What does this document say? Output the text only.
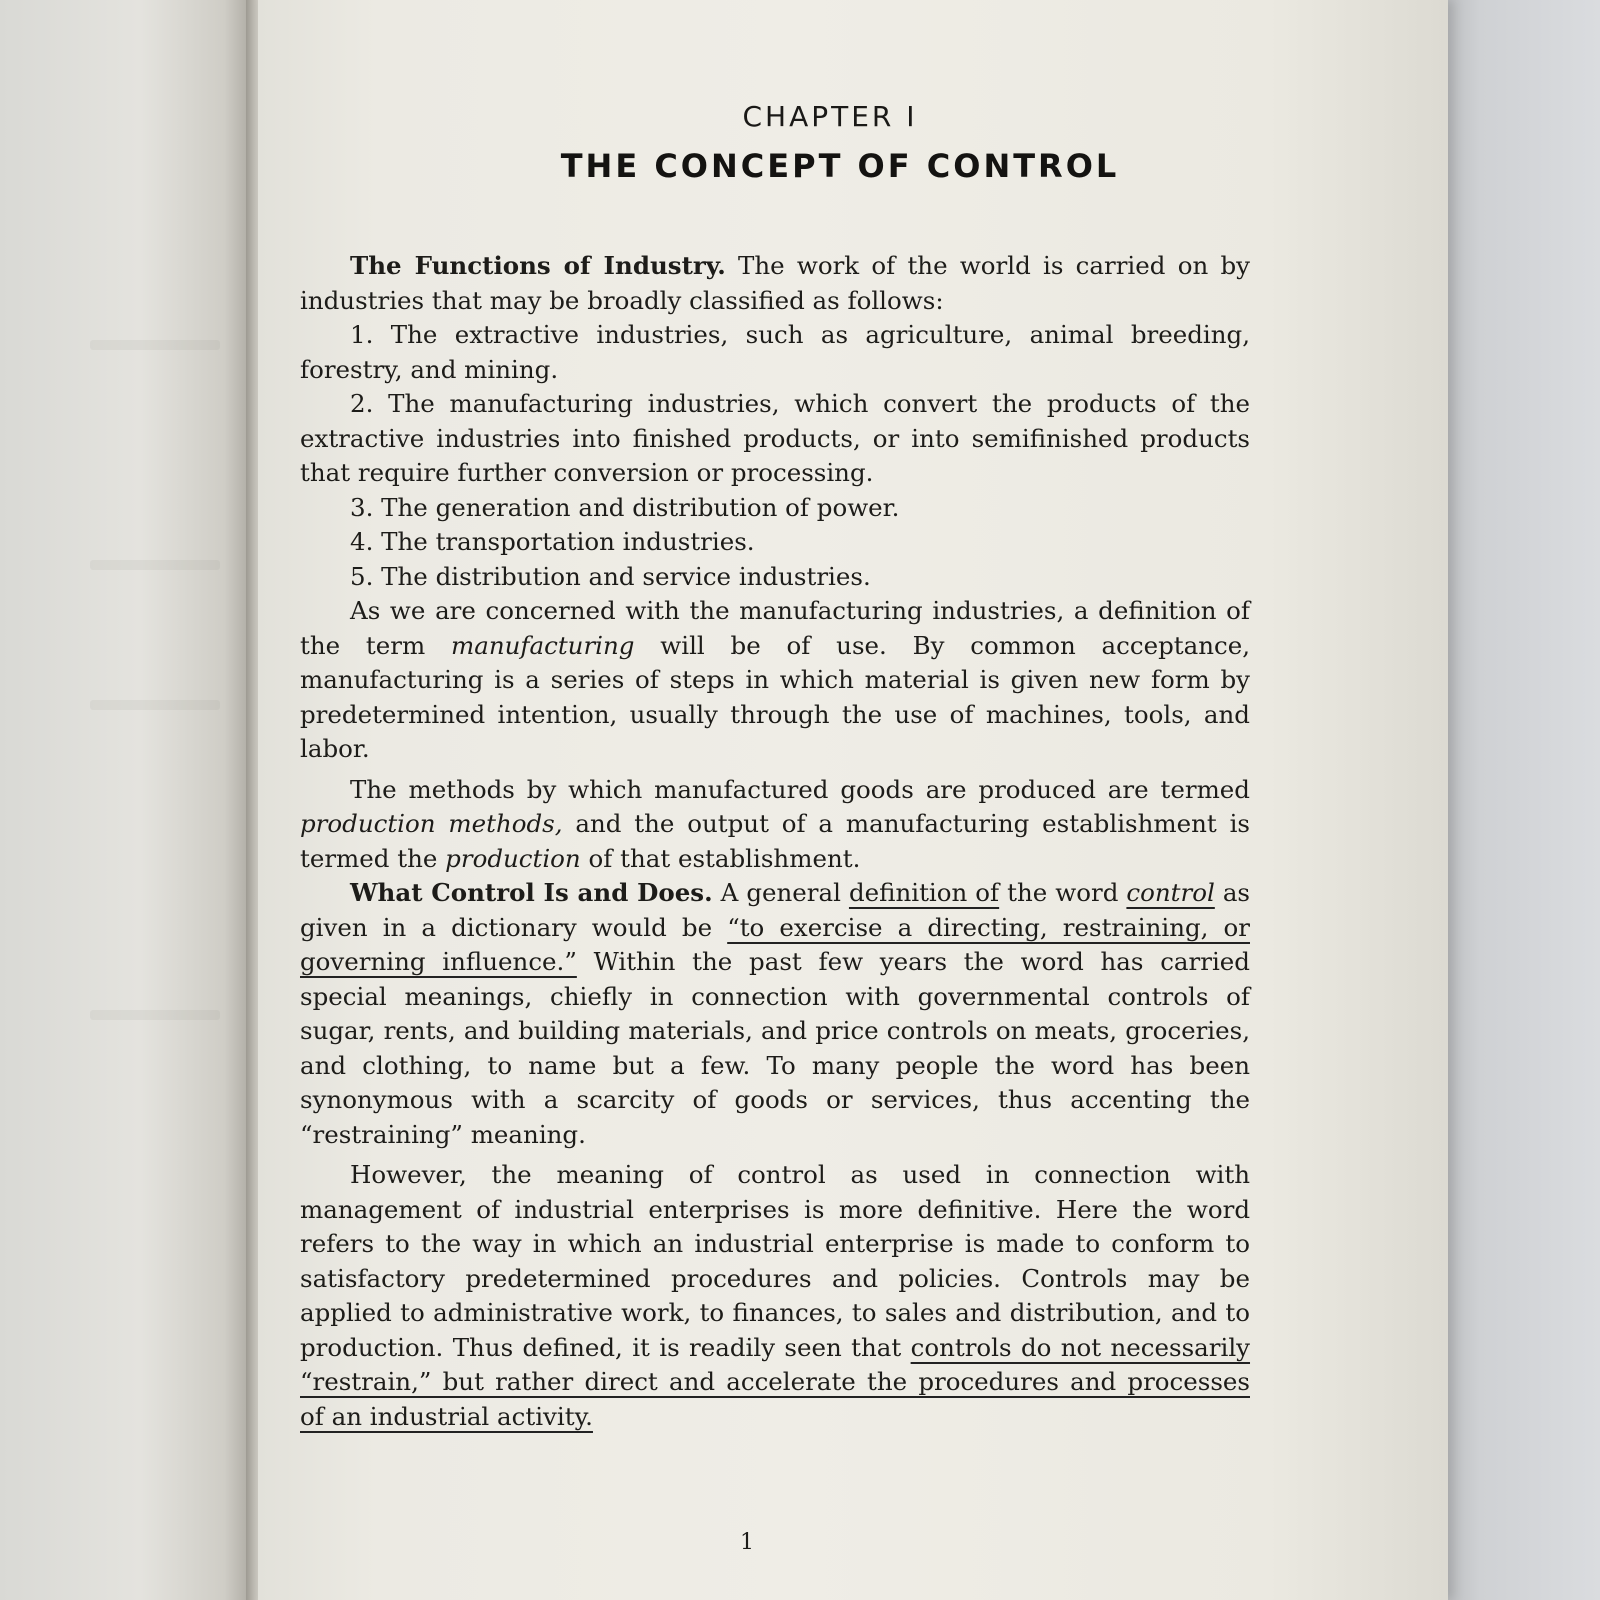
CHAPTER I
THE CONCEPT OF CONTROL

The Functions of Industry. The work of the world is carried on by industries that may be broadly classified as follows:

1. The extractive industries, such as agriculture, animal breeding, forestry, and mining.

2. The manufacturing industries, which convert the products of the extractive industries into finished products, or into semifinished products that require further conversion or processing.

3. The generation and distribution of power.

4. The transportation industries.

5. The distribution and service industries.

As we are concerned with the manufacturing industries, a definition of the term manufacturing will be of use. By common acceptance, manufacturing is a series of steps in which material is given new form by predetermined intention, usually through the use of machines, tools, and labor.

The methods by which manufactured goods are produced are termed production methods, and the output of a manufacturing establishment is termed the production of that establishment.

What Control Is and Does. A general definition of the word control as given in a dictionary would be “to exercise a directing, restraining, or governing influence.” Within the past few years the word has carried special meanings, chiefly in connection with governmental controls of sugar, rents, and building materials, and price controls on meats, groceries, and clothing, to name but a few. To many people the word has been synonymous with a scarcity of goods or services, thus accenting the “restraining” meaning.

However, the meaning of control as used in connection with management of industrial enterprises is more definitive. Here the word refers to the way in which an industrial enterprise is made to conform to satisfactory predetermined procedures and policies. Controls may be applied to administrative work, to finances, to sales and distribution, and to production. Thus defined, it is readily seen that controls do not necessarily “restrain,” but rather direct and accelerate the procedures and processes of an industrial activity.

1
